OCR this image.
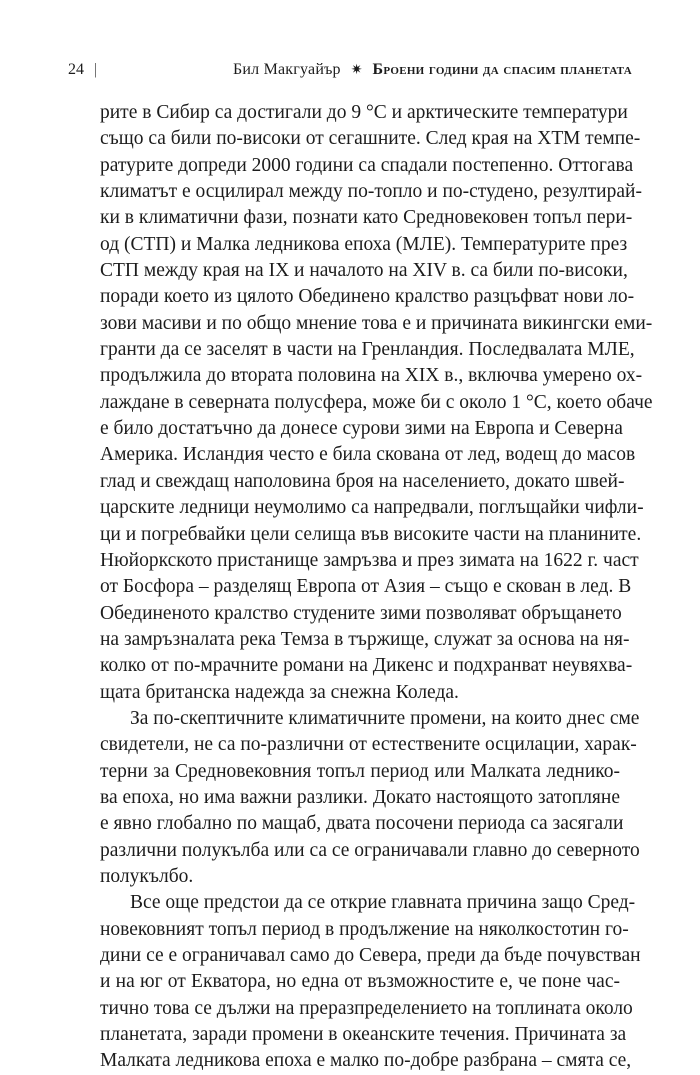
24 |	Бил Макгуайър ✷ Броени години да спасим планетата
рите в Сибир са достигали до 9 °C и арктическите температури
също са били по-високи от сегашните. След края на ХТМ темпе-
ратурите допреди 2000 години са спадали постепенно. Оттогава
климатът е осцилирал между по-топло и по-студено, резултирай-
ки в климатични фази, познати като Средновековен топъл пери-
од (СТП) и Малка ледникова епоха (МЛЕ). Температурите през
СТП между края на IX и началото на XIV в. са били по-високи,
поради което из цялото Обединено кралство разцъфват нови ло-
зови масиви и по общо мнение това е и причината викингски еми-
гранти да се заселят в части на Гренландия. Последвалата МЛЕ,
продължила до втората половина на XIX в., включва умерено ох-
лаждане в северната полусфера, може би с около 1 °C, което обаче
е било достатъчно да донесе сурови зими на Европа и Северна
Америка. Исландия често е била скована от лед, водещ до масов
глад и свеждащ наполовина броя на населението, докато швей-
царските ледници неумолимо са напредвали, поглъщайки чифли-
ци и погребвайки цели селища във високите части на планините.
Нюйоркското пристанище замръзва и през зимата на 1622 г. част
от Босфора – разделящ Европа от Азия – също е скован в лед. В
Обединеното кралство студените зими позволяват обръщането
на замръзналата река Темза в тържище, служат за основа на ня-
колко от по-мрачните романи на Дикенс и подхранват неувяхва-
щата британска надежда за снежна Коледа.
За по-скептичните климатичните промени, на които днес сме
свидетели, не са по-различни от естествените осцилации, харак-
терни за Средновековния топъл период или Малката леднико-
ва епоха, но има важни разлики. Докато настоящото затопляне
е явно глобално по мащаб, двата посочени периода са засягали
различни полукълба или са се ограничавали главно до северното
полукълбо.
Все още предстои да се открие главната причина защо Сред-
новековният топъл период в продължение на няколкостотин го-
дини се е ограничавал само до Севера, преди да бъде почувстван
и на юг от Екватора, но една от възможностите е, че поне час-
тично това се дължи на преразпределението на топлината около
планетата, заради промени в океанските течения. Причината за
Малката ледникова епоха е малко по-добре разбрана – смята се,
